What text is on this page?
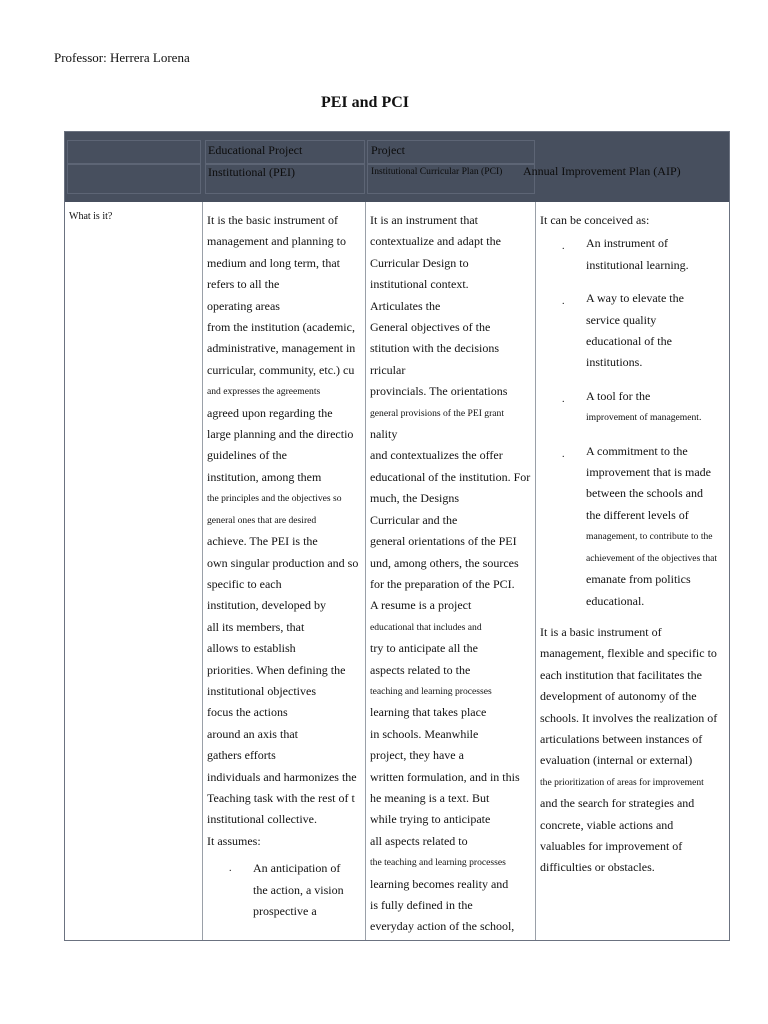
Professor: Herrera Lorena
PEI and PCI
Educational Project
Institutional (PEI)
Project
Institutional Curricular Plan (PCI) Annual Improvement Plan (AIP)
What is it?	It is the basic instrument of
management and planning to
medium and long term, that
refers to all the
operating areas
from the institution (academic,
administrative, management in
curricular, community, etc.) cu
and expresses the agreements
agreed upon regarding the
large planning and the directio
guidelines of the
institution, among them
the principles and the objectives so
general ones that are desired
achieve. The PEI is the
own singular production and so
specific to each
institution, developed by
all its members, that
allows to establish
priorities. When defining the
institutional objectives
focus the actions
around an axis that
gathers efforts
individuals and harmonizes the
Teaching task with the rest of t
institutional collective.
It assumes:
. An anticipation of
the action, a vision
prospective a
It is an instrument that
contextualize and adapt the
Curricular Design to
institutional context.
Articulates the
General objectives of the
stitution with the decisions
rricular
provincials. The orientations
general provisions of the PEI grant
nality
and contextualizes the offer
educational of the institution. For
much, the Designs
Curricular and the
general orientations of the PEI
und, among others, the sources
for the preparation of the PCI.
A resume is a project
educational that includes and
try to anticipate all the
aspects related to the
teaching and learning processes
learning that takes place
in schools. Meanwhile
project, they have a
written formulation, and in this
he meaning is a text. But
while trying to anticipate
all aspects related to
the teaching and learning processes
learning becomes reality and
is fully defined in the
everyday action of the school,
It can be conceived as:
. An instrument of
institutional learning.
. A way to elevate the
service quality
educational of the
institutions.
. A tool for the
improvement of management.
. A commitment to the
improvement that is made
between the schools and
the different levels of
management, to contribute to the
achievement of the objectives that
emanate from politics
educational.
It is a basic instrument of
management, flexible and specific to
each institution that facilitates the
development of autonomy of the
schools. It involves the realization of
articulations between instances of
evaluation (internal or external)
the prioritization of areas for improvement
and the search for strategies and
concrete, viable actions and
valuables for improvement of
difficulties or obstacles.
